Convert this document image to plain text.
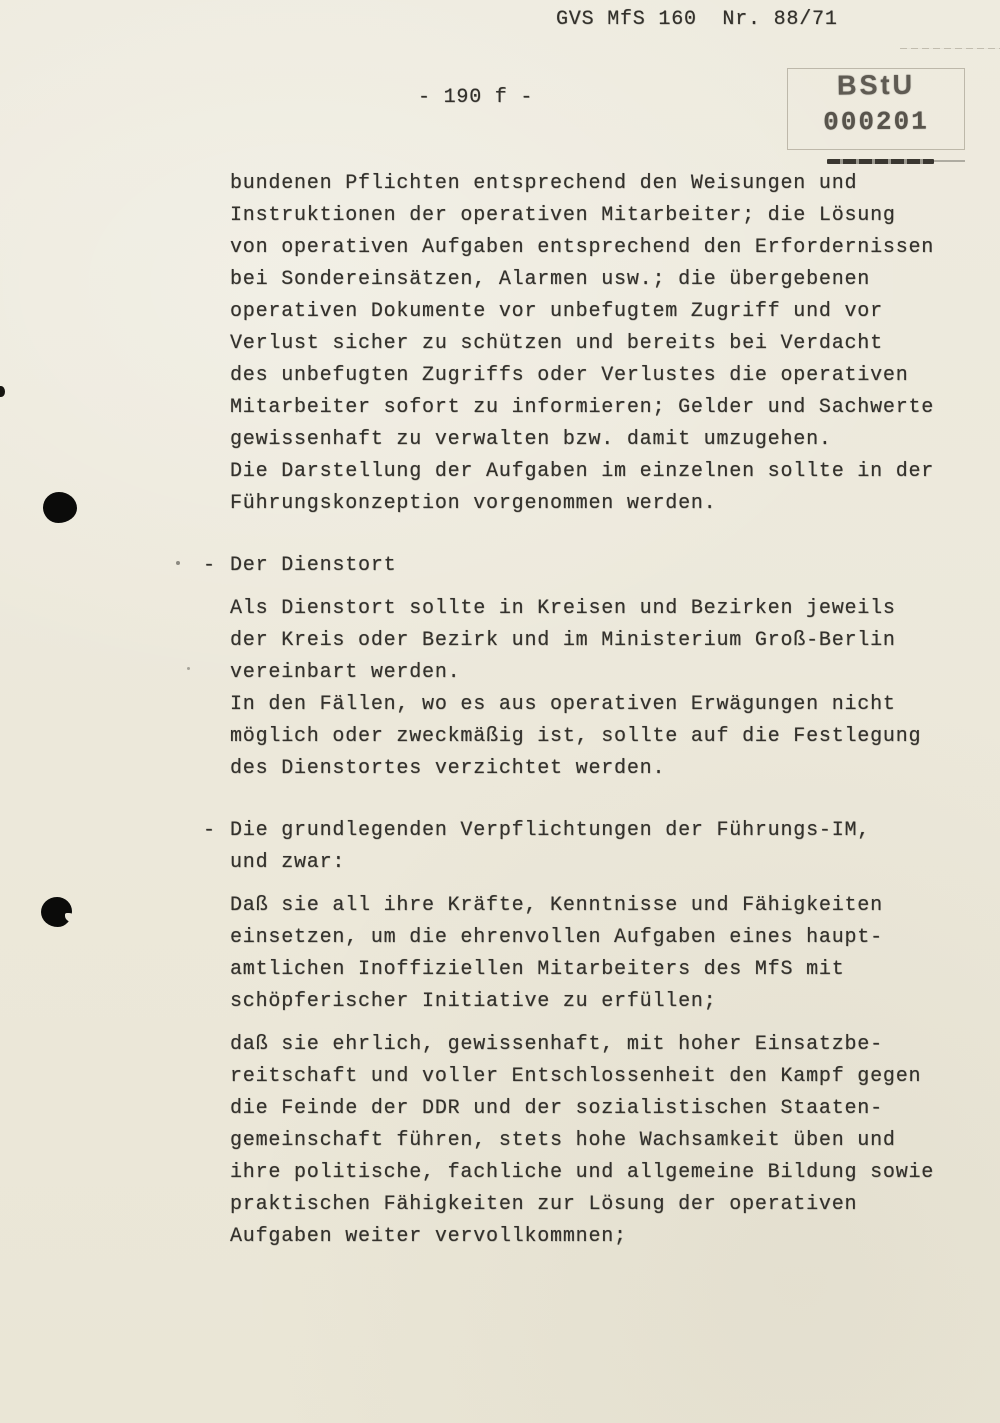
GVS MfS 160  Nr. 88/71
- 190 f -	BStU
000201
bundenen Pflichten entsprechend den Weisungen und
Instruktionen der operativen Mitarbeiter; die Lösung
von operativen Aufgaben entsprechend den Erfordernissen
bei Sondereinsätzen, Alarmen usw.; die übergebenen
operativen Dokumente vor unbefugtem Zugriff und vor
Verlust sicher zu schützen und bereits bei Verdacht
des unbefugten Zugriffs oder Verlustes die operativen
Mitarbeiter sofort zu informieren; Gelder und Sachwerte
gewissenhaft zu verwalten bzw. damit umzugehen.
Die Darstellung der Aufgaben im einzelnen sollte in der
Führungskonzeption vorgenommen werden.
- Der Dienstort
Als Dienstort sollte in Kreisen und Bezirken jeweils
der Kreis oder Bezirk und im Ministerium Groß-Berlin
vereinbart werden.
In den Fällen, wo es aus operativen Erwägungen nicht
möglich oder zweckmäßig ist, sollte auf die Festlegung
des Dienstortes verzichtet werden.
- Die grundlegenden Verpflichtungen der Führungs-IM,
und zwar:
Daß sie all ihre Kräfte, Kenntnisse und Fähigkeiten
einsetzen, um die ehrenvollen Aufgaben eines haupt-
amtlichen Inoffiziellen Mitarbeiters des MfS mit
schöpferischer Initiative zu erfüllen;
daß sie ehrlich, gewissenhaft, mit hoher Einsatzbe-
reitschaft und voller Entschlossenheit den Kampf gegen
die Feinde der DDR und der sozialistischen Staaten-
gemeinschaft führen, stets hohe Wachsamkeit üben und
ihre politische, fachliche und allgemeine Bildung sowie
praktischen Fähigkeiten zur Lösung der operativen
Aufgaben weiter vervollkommnen;
